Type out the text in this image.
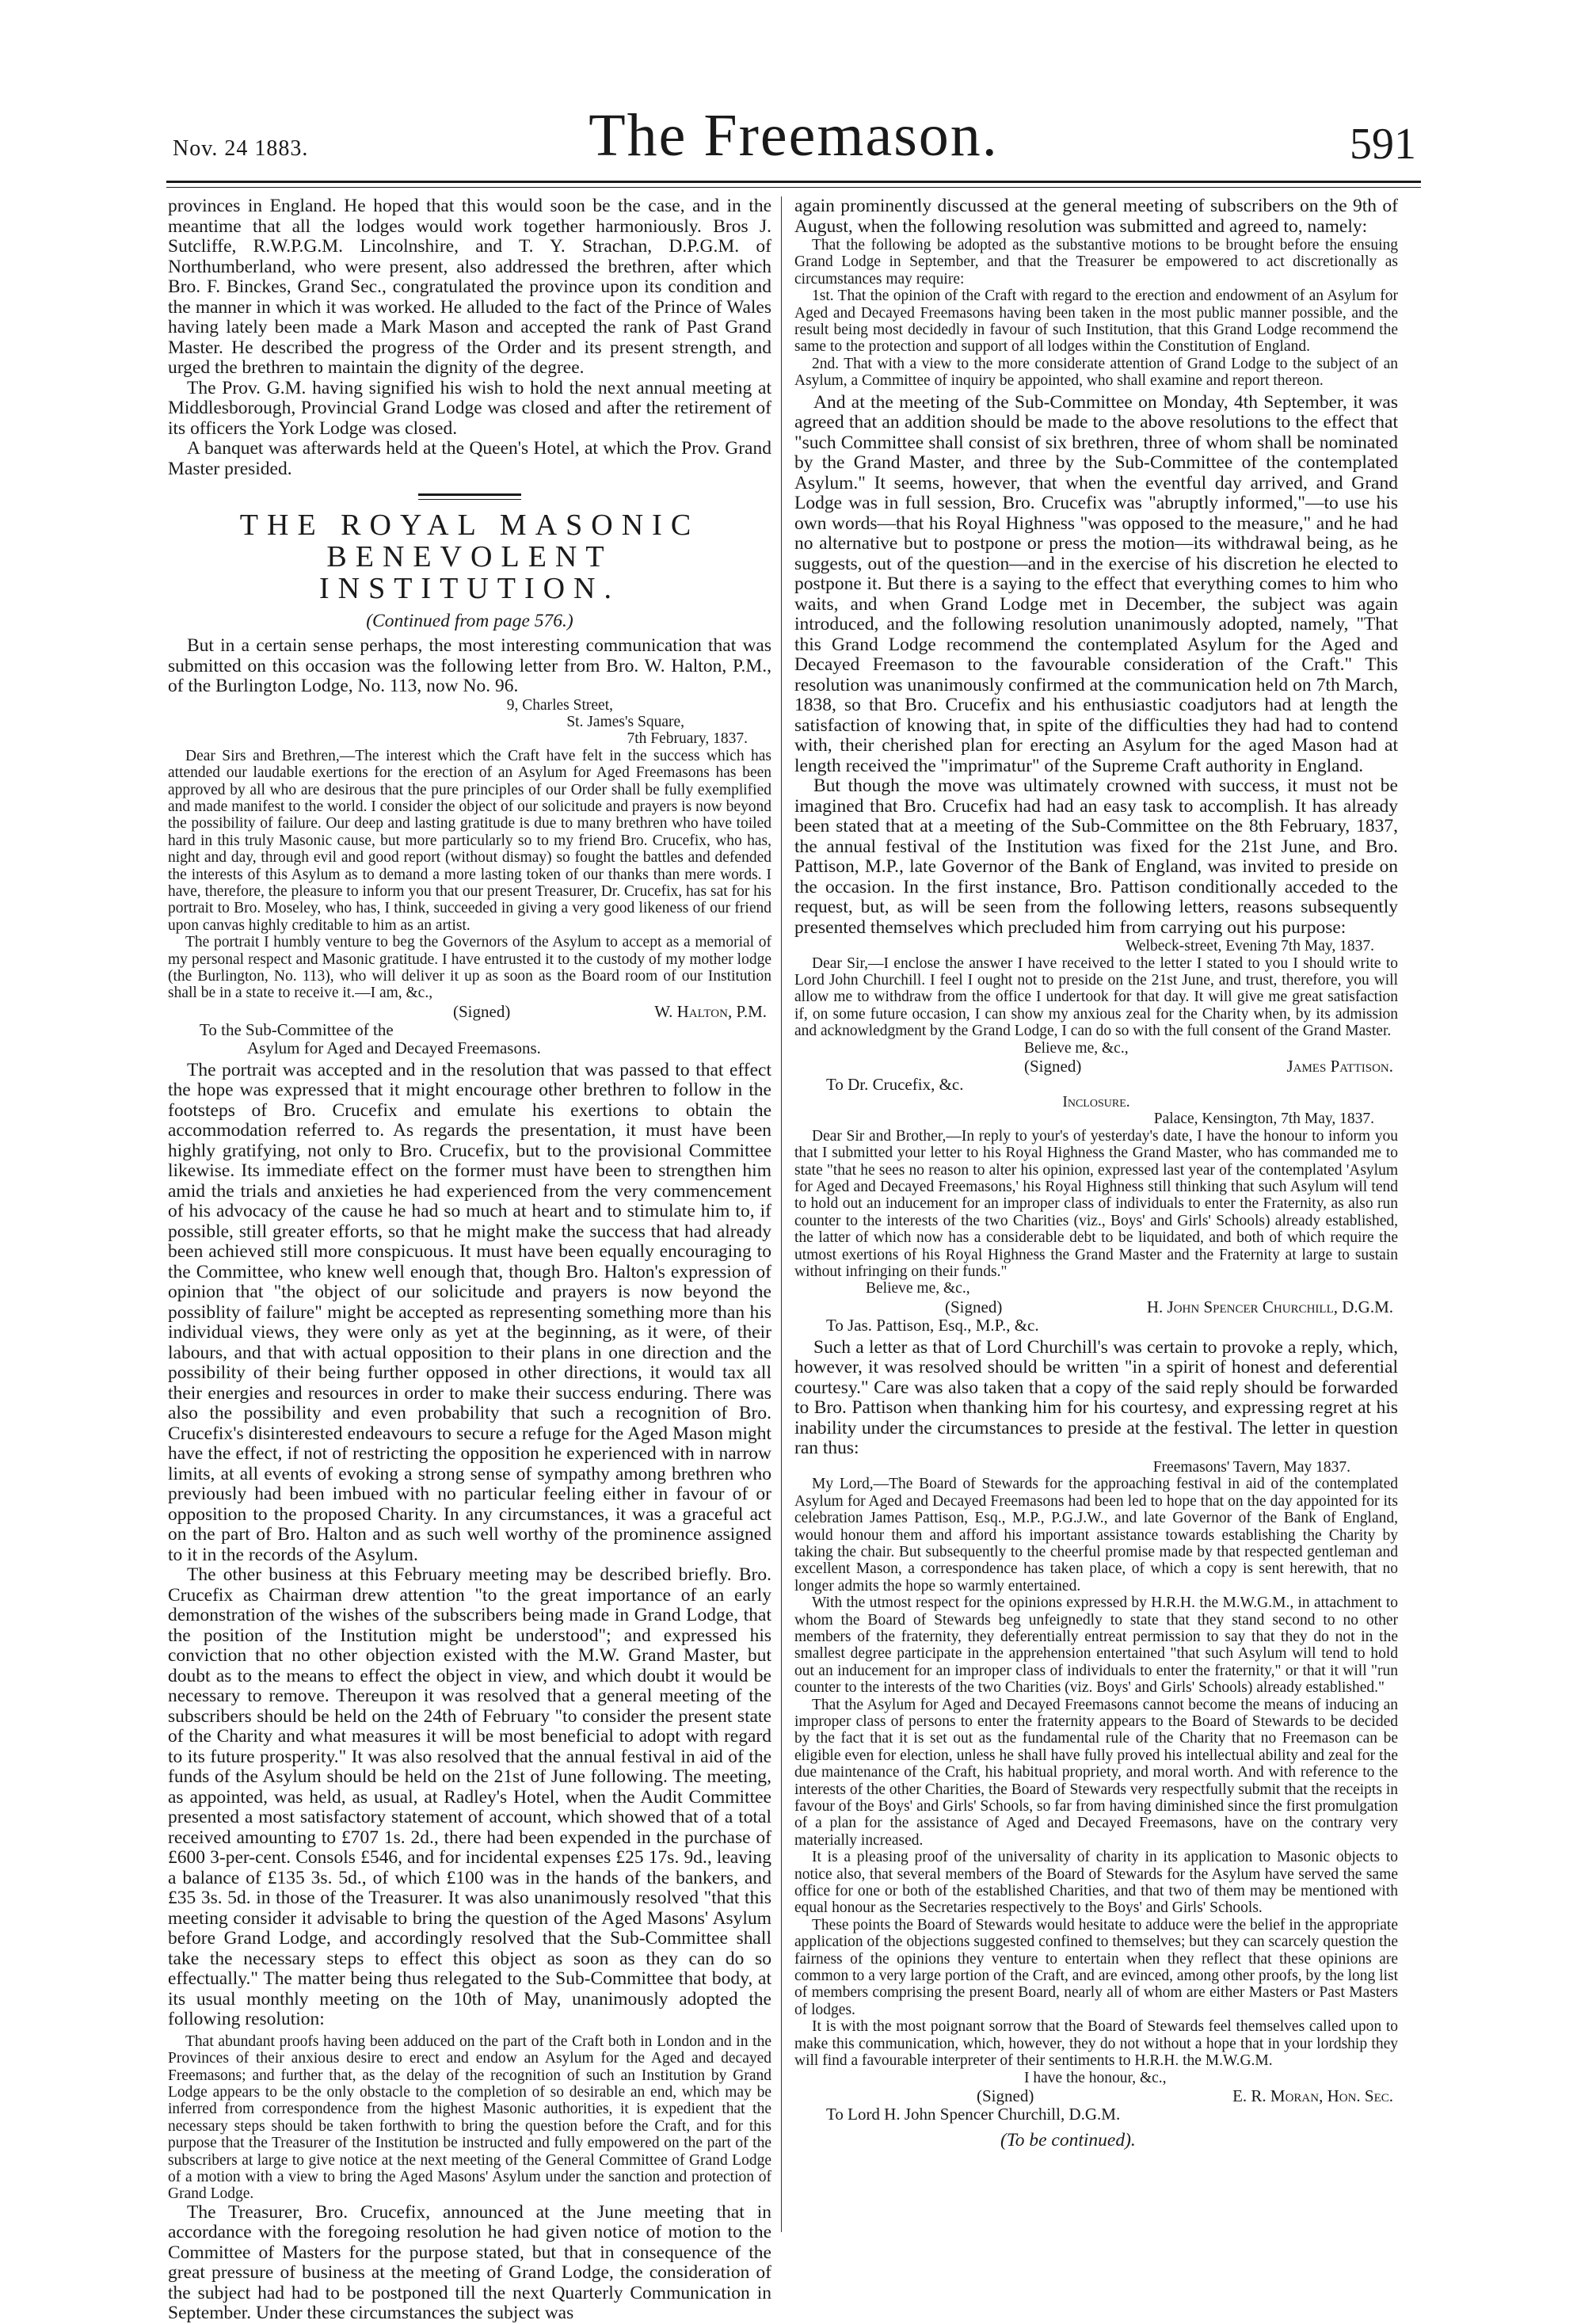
Nov. 24 1883.	The Freemason.	591

provinces in England. He hoped that this would soon be the case, and in the meantime that all the lodges would work together harmoniously. Bros J. Sutcliffe, R.W.P.G.M. Lincolnshire, and T. Y. Strachan, D.P.G.M. of Northumberland, who were present, also addressed the brethren, after which Bro. F. Binckes, Grand Sec., congratulated the province upon its condition and the manner in which it was worked. He alluded to the fact of the Prince of Wales having lately been made a Mark Mason and accepted the rank of Past Grand Master. He described the progress of the Order and its present strength, and urged the brethren to maintain the dignity of the degree.

The Prov. G.M. having signified his wish to hold the next annual meeting at Middlesborough, Provincial Grand Lodge was closed and after the retirement of its officers the York Lodge was closed.

A banquet was afterwards held at the Queen's Hotel, at which the Prov. Grand Master presided.

THE ROYAL MASONIC BENEVOLENT
INSTITUTION.
(Continued from page 576.)

But in a certain sense perhaps, the most interesting communication that was submitted on this occasion was the following letter from Bro. W. Halton, P.M., of the Burlington Lodge, No. 113, now No. 96.

9, Charles Street,
St. James's Square,
7th February, 1837.

Dear Sirs and Brethren,—The interest which the Craft have felt in the success which has attended our laudable exertions for the erection of an Asylum for Aged Freemasons has been approved by all who are desirous that the pure principles of our Order shall be fully exemplified and made manifest to the world. I consider the object of our solicitude and prayers is now beyond the possibility of failure. Our deep and lasting gratitude is due to many brethren who have toiled hard in this truly Masonic cause, but more particularly so to my friend Bro. Crucefix, who has, night and day, through evil and good report (without dismay) so fought the battles and defended the interests of this Asylum as to demand a more lasting token of our thanks than mere words. I have, therefore, the pleasure to inform you that our present Treasurer, Dr. Crucefix, has sat for his portrait to Bro. Moseley, who has, I think, succeeded in giving a very good likeness of our friend upon canvas highly creditable to him as an artist.

The portrait I humbly venture to beg the Governors of the Asylum to accept as a memorial of my personal respect and Masonic gratitude. I have entrusted it to the custody of my mother lodge (the Burlington, No. 113), who will deliver it up as soon as the Board room of our Institution shall be in a state to receive it.—I am, &c.,

(Signed)	W. Halton, P.M.
To the Sub-Committee of the
Asylum for Aged and Decayed Freemasons.

The portrait was accepted and in the resolution that was passed to that effect the hope was expressed that it might encourage other brethren to follow in the footsteps of Bro. Crucefix and emulate his exertions to obtain the accommodation referred to. As regards the presentation, it must have been highly gratifying, not only to Bro. Crucefix, but to the provisional Committee likewise. Its immediate effect on the former must have been to strengthen him amid the trials and anxieties he had experienced from the very commencement of his advocacy of the cause he had so much at heart and to stimulate him to, if possible, still greater efforts, so that he might make the success that had already been achieved still more conspicuous. It must have been equally encouraging to the Committee, who knew well enough that, though Bro. Halton's expression of opinion that "the object of our solicitude and prayers is now beyond the possiblity of failure" might be accepted as representing something more than his individual views, they were only as yet at the beginning, as it were, of their labours, and that with actual opposition to their plans in one direction and the possibility of their being further opposed in other directions, it would tax all their energies and resources in order to make their success enduring. There was also the possibility and even probability that such a recognition of Bro. Crucefix's disinterested endeavours to secure a refuge for the Aged Mason might have the effect, if not of restricting the opposition he experienced with in narrow limits, at all events of evoking a strong sense of sympathy among brethren who previously had been imbued with no particular feeling either in favour of or opposition to the proposed Charity. In any circumstances, it was a graceful act on the part of Bro. Halton and as such well worthy of the prominence assigned to it in the records of the Asylum.

The other business at this February meeting may be described briefly. Bro. Crucefix as Chairman drew attention "to the great importance of an early demonstration of the wishes of the subscribers being made in Grand Lodge, that the position of the Institution might be understood"; and expressed his conviction that no other objection existed with the M.W. Grand Master, but doubt as to the means to effect the object in view, and which doubt it would be necessary to remove. Thereupon it was resolved that a general meeting of the subscribers should be held on the 24th of February "to consider the present state of the Charity and what measures it will be most beneficial to adopt with regard to its future prosperity." It was also resolved that the annual festival in aid of the funds of the Asylum should be held on the 21st of June following. The meeting, as appointed, was held, as usual, at Radley's Hotel, when the Audit Committee presented a most satisfactory statement of account, which showed that of a total received amounting to £707 1s. 2d., there had been expended in the purchase of £600 3-per-cent. Consols £546, and for incidental expenses £25 17s. 9d., leaving a balance of £135 3s. 5d., of which £100 was in the hands of the bankers, and £35 3s. 5d. in those of the Treasurer. It was also unanimously resolved "that this meeting consider it advisable to bring the question of the Aged Masons' Asylum before Grand Lodge, and accordingly resolved that the Sub-Committee shall take the necessary steps to effect this object as soon as they can do so effectually." The matter being thus relegated to the Sub-Committee that body, at its usual monthly meeting on the 10th of May, unanimously adopted the following resolution:

That abundant proofs having been adduced on the part of the Craft both in London and in the Provinces of their anxious desire to erect and endow an Asylum for the Aged and decayed Freemasons; and further that, as the delay of the recognition of such an Institution by Grand Lodge appears to be the only obstacle to the completion of so desirable an end, which may be inferred from correspondence from the highest Masonic authorities, it is expedient that the necessary steps should be taken forthwith to bring the question before the Craft, and for this purpose that the Treasurer of the Institution be instructed and fully empowered on the part of the subscribers at large to give notice at the next meeting of the General Committee of Grand Lodge of a motion with a view to bring the Aged Masons' Asylum under the sanction and protection of Grand Lodge.

The Treasurer, Bro. Crucefix, announced at the June meeting that in accordance with the foregoing resolution he had given notice of motion to the Committee of Masters for the purpose stated, but that in consequence of the great pressure of business at the meeting of Grand Lodge, the consideration of the subject had had to be postponed till the next Quarterly Communication in September. Under these circumstances the subject was

again prominently discussed at the general meeting of subscribers on the 9th of August, when the following resolution was submitted and agreed to, namely:

That the following be adopted as the substantive motions to be brought before the ensuing Grand Lodge in September, and that the Treasurer be empowered to act discretionally as circumstances may require:

1st. That the opinion of the Craft with regard to the erection and endowment of an Asylum for Aged and Decayed Freemasons having been taken in the most public manner possible, and the result being most decidedly in favour of such Institution, that this Grand Lodge recommend the same to the protection and support of all lodges within the Constitution of England.

2nd. That with a view to the more considerate attention of Grand Lodge to the subject of an Asylum, a Committee of inquiry be appointed, who shall examine and report thereon.

And at the meeting of the Sub-Committee on Monday, 4th September, it was agreed that an addition should be made to the above resolutions to the effect that "such Committee shall consist of six brethren, three of whom shall be nominated by the Grand Master, and three by the Sub-Committee of the contemplated Asylum." It seems, however, that when the eventful day arrived, and Grand Lodge was in full session, Bro. Crucefix was "abruptly informed,"—to use his own words—that his Royal Highness "was opposed to the measure," and he had no alternative but to postpone or press the motion—its withdrawal being, as he suggests, out of the question—and in the exercise of his discretion he elected to postpone it. But there is a saying to the effect that everything comes to him who waits, and when Grand Lodge met in December, the subject was again introduced, and the following resolution unanimously adopted, namely, "That this Grand Lodge recommend the contemplated Asylum for the Aged and Decayed Freemason to the favourable consideration of the Craft." This resolution was unanimously confirmed at the communication held on 7th March, 1838, so that Bro. Crucefix and his enthusiastic coadjutors had at length the satisfaction of knowing that, in spite of the difficulties they had had to contend with, their cherished plan for erecting an Asylum for the aged Mason had at length received the "imprimatur" of the Supreme Craft authority in England.

But though the move was ultimately crowned with success, it must not be imagined that Bro. Crucefix had had an easy task to accomplish. It has already been stated that at a meeting of the Sub-Committee on the 8th February, 1837, the annual festival of the Institution was fixed for the 21st June, and Bro. Pattison, M.P., late Governor of the Bank of England, was invited to preside on the occasion. In the first instance, Bro. Pattison conditionally acceded to the request, but, as will be seen from the following letters, reasons subsequently presented themselves which precluded him from carrying out his purpose:

Welbeck-street, Evening 7th May, 1837.

Dear Sir,—I enclose the answer I have received to the letter I stated to you I should write to Lord John Churchill. I feel I ought not to preside on the 21st June, and trust, therefore, you will allow me to withdraw from the office I undertook for that day. It will give me great satisfaction if, on some future occasion, I can show my anxious zeal for the Charity when, by its admission and acknowledgment by the Grand Lodge, I can do so with the full consent of the Grand Master.

Believe me, &c.,
(Signed)	James Pattison.
To Dr. Crucefix, &c.
Inclosure.
Palace, Kensington, 7th May, 1837.

Dear Sir and Brother,—In reply to your's of yesterday's date, I have the honour to inform you that I submitted your letter to his Royal Highness the Grand Master, who has commanded me to state "that he sees no reason to alter his opinion, expressed last year of the contemplated 'Asylum for Aged and Decayed Freemasons,' his Royal Highness still thinking that such Asylum will tend to hold out an inducement for an improper class of individuals to enter the Fraternity, as also run counter to the interests of the two Charities (viz., Boys' and Girls' Schools) already established, the latter of which now has a considerable debt to be liquidated, and both of which require the utmost exertions of his Royal Highness the Grand Master and the Fraternity at large to sustain without infringing on their funds."

Believe me, &c.,
(Signed)	H. John Spencer Churchill, D.G.M.
To Jas. Pattison, Esq., M.P., &c.

Such a letter as that of Lord Churchill's was certain to provoke a reply, which, however, it was resolved should be written "in a spirit of honest and deferential courtesy." Care was also taken that a copy of the said reply should be forwarded to Bro. Pattison when thanking him for his courtesy, and expressing regret at his inability under the circumstances to preside at the festival. The letter in question ran thus:

Freemasons' Tavern, May 1837.

My Lord,—The Board of Stewards for the approaching festival in aid of the contemplated Asylum for Aged and Decayed Freemasons had been led to hope that on the day appointed for its celebration James Pattison, Esq., M.P., P.G.J.W., and late Governor of the Bank of England, would honour them and afford his important assistance towards establishing the Charity by taking the chair. But subsequently to the cheerful promise made by that respected gentleman and excellent Mason, a correspondence has taken place, of which a copy is sent herewith, that no longer admits the hope so warmly entertained.

With the utmost respect for the opinions expressed by H.R.H. the M.W.G.M., in attachment to whom the Board of Stewards beg unfeignedly to state that they stand second to no other members of the fraternity, they deferentially entreat permission to say that they do not in the smallest degree participate in the apprehension entertained "that such Asylum will tend to hold out an inducement for an improper class of individuals to enter the fraternity," or that it will "run counter to the interests of the two Charities (viz. Boys' and Girls' Schools) already established."

That the Asylum for Aged and Decayed Freemasons cannot become the means of inducing an improper class of persons to enter the fraternity appears to the Board of Stewards to be decided by the fact that it is set out as the fundamental rule of the Charity that no Freemason can be eligible even for election, unless he shall have fully proved his intellectual ability and zeal for the due maintenance of the Craft, his habitual propriety, and moral worth. And with reference to the interests of the other Charities, the Board of Stewards very respectfully submit that the receipts in favour of the Boys' and Girls' Schools, so far from having diminished since the first promulgation of a plan for the assistance of Aged and Decayed Freemasons, have on the contrary very materially increased.

It is a pleasing proof of the universality of charity in its application to Masonic objects to notice also, that several members of the Board of Stewards for the Asylum have served the same office for one or both of the established Charities, and that two of them may be mentioned with equal honour as the Secretaries respectively to the Boys' and Girls' Schools.

These points the Board of Stewards would hesitate to adduce were the belief in the appropriate application of the objections suggested confined to themselves; but they can scarcely question the fairness of the opinions they venture to entertain when they reflect that these opinions are common to a very large portion of the Craft, and are evinced, among other proofs, by the long list of members comprising the present Board, nearly all of whom are either Masters or Past Masters of lodges.

It is with the most poignant sorrow that the Board of Stewards feel themselves called upon to make this communication, which, however, they do not without a hope that in your lordship they will find a favourable interpreter of their sentiments to H.R.H. the M.W.G.M.

I have the honour, &c.,
(Signed)	E. R. Moran, Hon. Sec.
To Lord H. John Spencer Churchill, D.G.M.
(To be continued).
